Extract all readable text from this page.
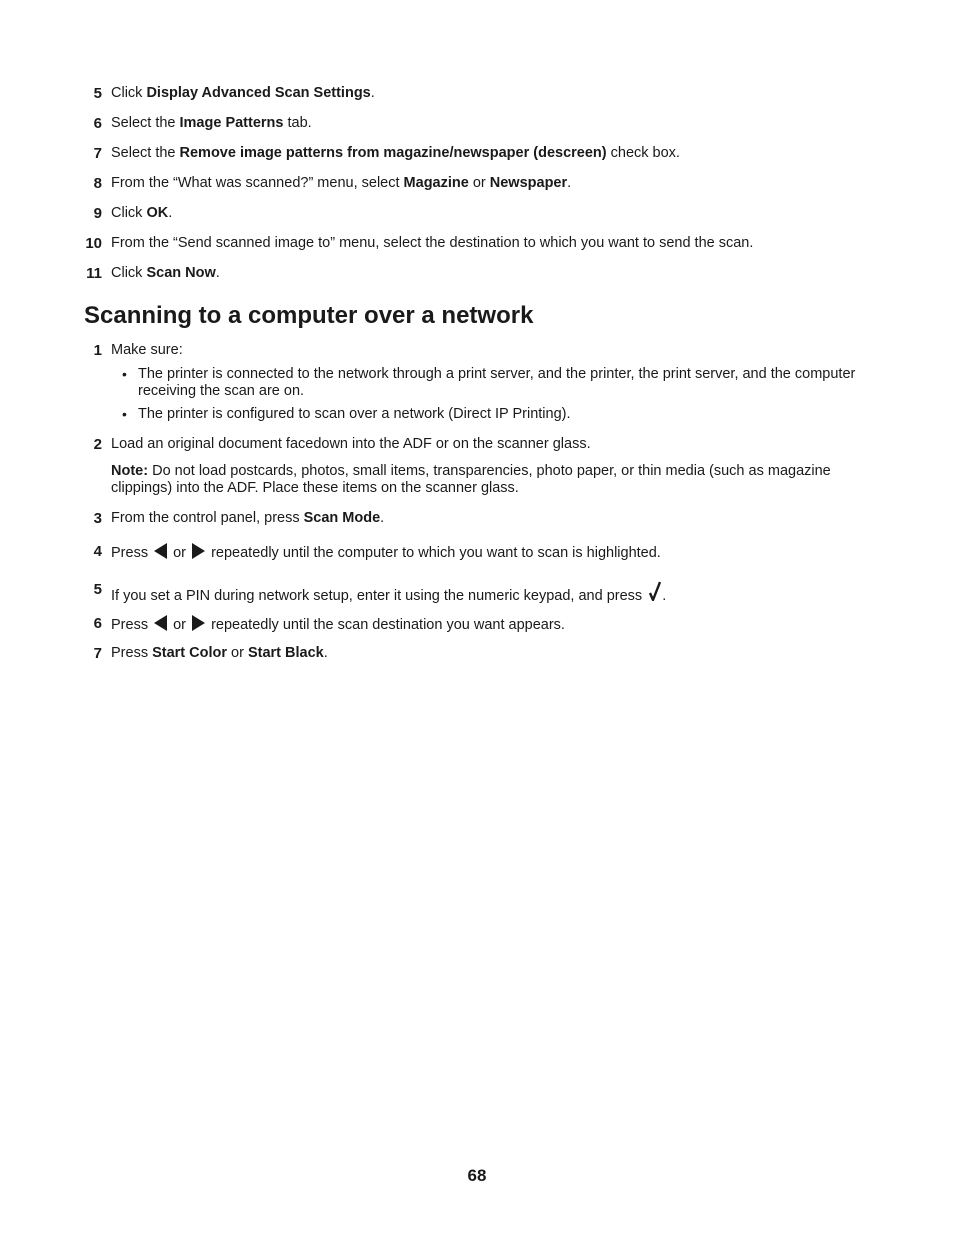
5 Click Display Advanced Scan Settings.
6 Select the Image Patterns tab.
7 Select the Remove image patterns from magazine/newspaper (descreen) check box.
8 From the “What was scanned?” menu, select Magazine or Newspaper.
9 Click OK.
10 From the “Send scanned image to” menu, select the destination to which you want to send the scan.
11 Click Scan Now.
Scanning to a computer over a network
1 Make sure:
• The printer is connected to the network through a print server, and the printer, the print server, and the computer receiving the scan are on.
• The printer is configured to scan over a network (Direct IP Printing).
2 Load an original document facedown into the ADF or on the scanner glass.
Note: Do not load postcards, photos, small items, transparencies, photo paper, or thin media (such as magazine clippings) into the ADF. Place these items on the scanner glass.
3 From the control panel, press Scan Mode.
4 Press  or  repeatedly until the computer to which you want to scan is highlighted.
5 If you set a PIN during network setup, enter it using the numeric keypad, and press .
6 Press  or  repeatedly until the scan destination you want appears.
7 Press Start Color or Start Black.
68
